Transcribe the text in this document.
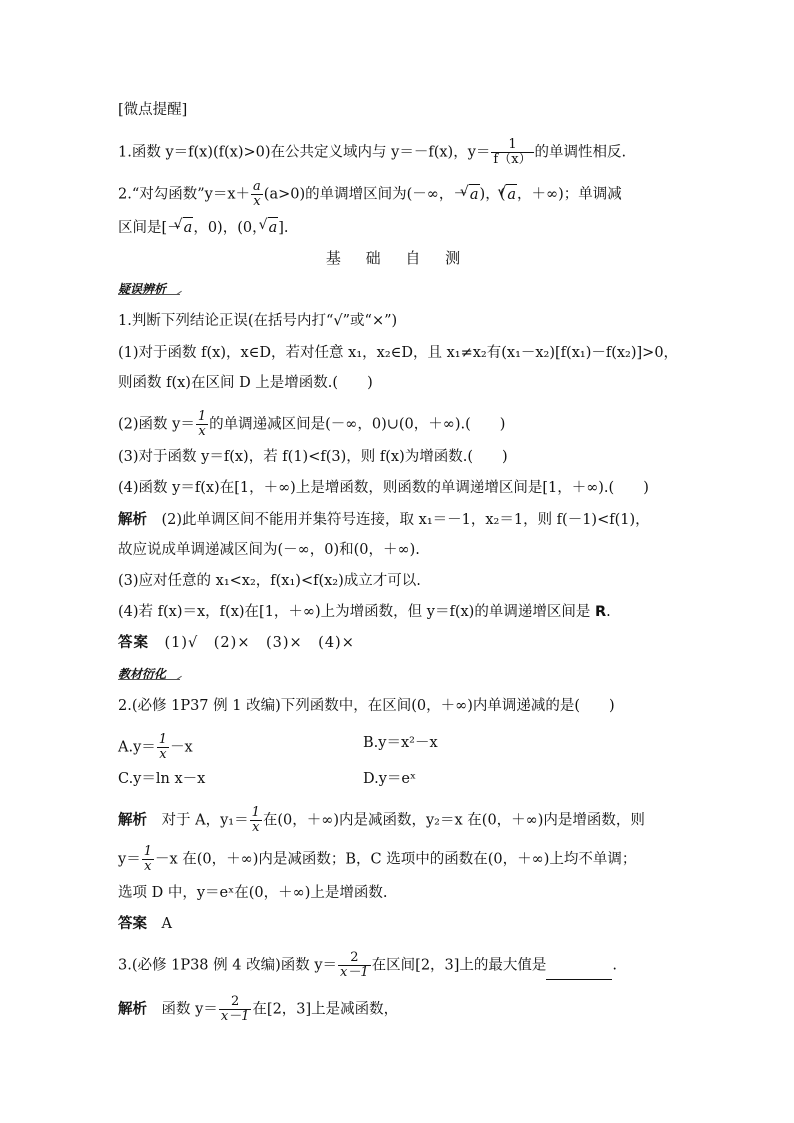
[微点提醒]
1.函数 y＝f(x)(f(x)>0)在公共定义域内与 y＝－f(x)，$y= \frac{1}{f(x)}$ 的单调性相反.
2.“对勾函数”y＝x＋ $\frac{a}{x} (a>0)$的单调增区间为(－∞，－ √ a)，( √ a，＋∞)；单调减
区间是[－ √ a，0)，(0， √ a].
基 础 自 测
疑误辨析
1.判断下列结论正误(在括号内打“√”或“×”)
(1)对于函数 f(x)，x∈D，若对任意 x₁，x₂∈D，且 x₁≠x₂有(x₁－x₂)[f(x₁)－f(x₂)]>0，
则函数 f(x)在区间 D 上是增函数.(　　)
(2)函数 $y= \frac{1}{x}$ 的单调递减区间是(－∞，0)∪(0，＋∞).(　　)
(3)对于函数 y＝f(x)，若 f(1)<f(3)，则 f(x)为增函数.(　　)
(4)函数 y＝f(x)在[1，＋∞)上是增函数，则函数的单调递增区间是[1，＋∞).(　　)
解析　 (2)此单调区间不能用并集符号连接，取 x₁＝－1，x₂＝1，则 f(－1)<f(1)，
故应说成单调递减区间为(－∞，0)和(0，＋∞).
(3)应对任意的 x₁<x₂，f(x₁)<f(x₂)成立才可以.
(4)若 f(x)＝x，f(x)在[1，＋∞)上为增函数，但 y＝f(x)的单调递增区间是 R.
答案　 (1)√　(2)×　(3)×　(4)×
教材衍化
2.(必修 1P37 例 1 改编)下列函数中，在区间(0，＋∞)内单调递减的是(　　)
$A.y= \frac{1}{x} -x$	B.y＝x²－x
C.y＝ln x－x	D.y＝eˣ
解析　 对于 A，$y_1= \frac{1}{x}$ 在(0，＋∞)内是减函数，y₂＝x 在(0，＋∞)内是增函数，则
$y= \frac{1}{x} -x$ 在(0，＋∞)内是减函数；B，C 选项中的函数在(0，＋∞)上均不单调；
选项 D 中，y＝eˣ在(0，＋∞)上是增函数.
答案　 A
3.(必修 1P38 例 4 改编)函数 $y= \frac{2}{x-1}$ 在区间[2，3]上的最大值是	.
解析　 函数 $y= \frac{2}{x-1}$ 在[2，3]上是减函数，
